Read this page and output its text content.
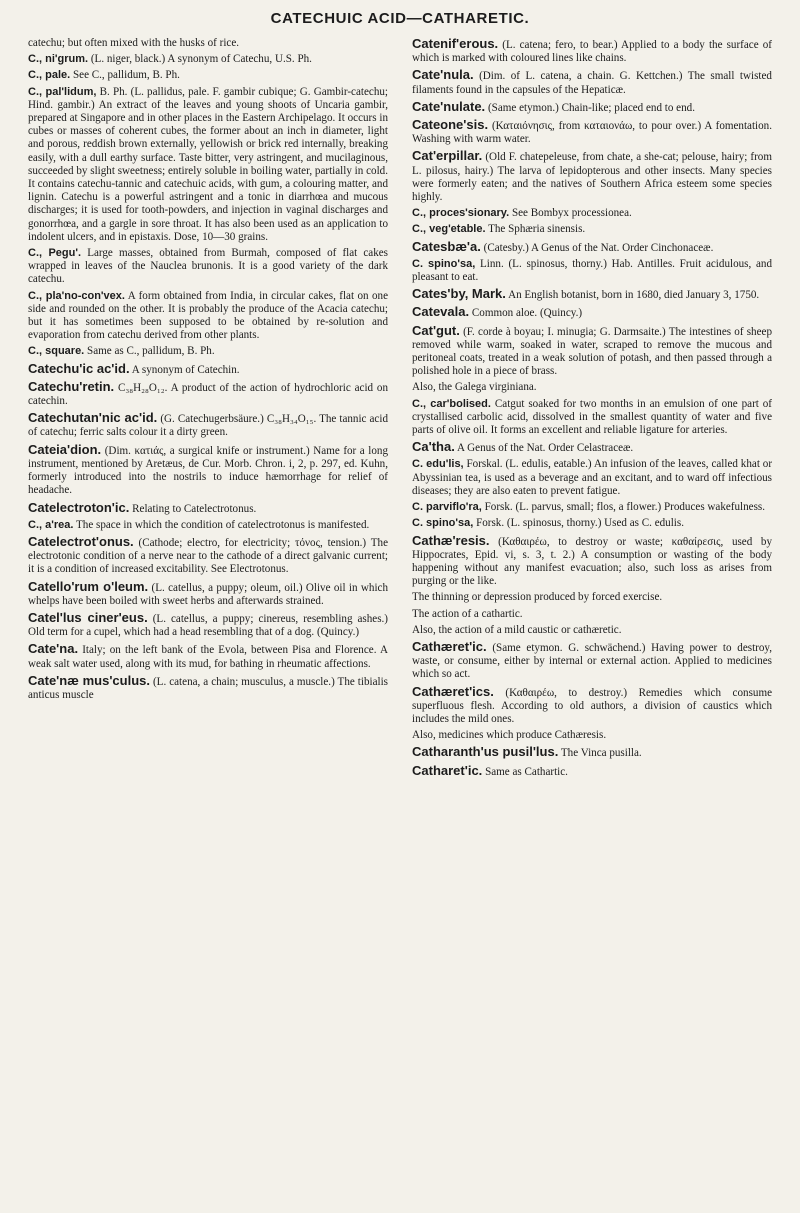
CATECHUIC ACID—CATHARETIC.

catechu; but often mixed with the husks of rice.

C., ni'grum. (L. niger, black.) A synonym of Catechu, U.S. Ph.

C., pale. See C., pallidum, B. Ph.

C., pal'lidum, B. Ph. (L. pallidus, pale. F. gambir cubique; G. Gambir-catechu; Hind. gambir.) An extract of the leaves and young shoots of Uncaria gambir, prepared at Singapore and in other places in the Eastern Archipelago. It occurs in cubes or masses of coherent cubes, the former about an inch in diameter, light and porous, reddish brown externally, yellowish or brick red internally, breaking easily, with a dull earthy surface. Taste bitter, very astringent, and mucilaginous, succeeded by slight sweetness; entirely soluble in boiling water, partially in cold. It contains catechu-tannic and catechuic acids, with gum, a colouring matter, and lignin. Catechu is a powerful astringent and a tonic in diarrhœa and mucous discharges; it is used for tooth-powders, and injection in vaginal discharges and gonorrhœa, and a gargle in sore throat. It has also been used as an application to indolent ulcers, and in epistaxis. Dose, 10—30 grains.

C., Pegu'. Large masses, obtained from Burmah, composed of flat cakes wrapped in leaves of the Nauclea brunonis. It is a good variety of the dark catechu.

C., pla'no-con'vex. A form obtained from India, in circular cakes, flat on one side and rounded on the other. It is probably the produce of the Acacia catechu; but it has sometimes been supposed to be obtained by re-solution and evaporation from catechu derived from other plants.

C., square. Same as C., pallidum, B. Ph.

Catechu'ic ac'id. A synonym of Catechin.

Catechu'retin. C₃₈H₂₈O₁₂. A product of the action of hydrochloric acid on catechin.

Catechutan'nic ac'id. (G. Catechugerbsäure.) C₃₈H₃₄O₁₅. The tannic acid of catechu; ferric salts colour it a dirty green.

Cateia'dion. (Dim. κατιάς, a surgical knife or instrument.) Name for a long instrument, mentioned by Aretæus, de Cur. Morb. Chron. i, 2, p. 297, ed. Kuhn, formerly introduced into the nostrils to induce hæmorrhage for relief of headache.

Catelectroton'ic. Relating to Catelectrotonus.

C., a'rea. The space in which the condition of catelectrotonus is manifested.

Catelectrot'onus. (Cathode; electro, for electricity; τόνος, tension.) The electrotonic condition of a nerve near to the cathode of a direct galvanic current; it is a condition of increased excitability. See Electrotonus.

Catello'rum o'leum. (L. catellus, a puppy; oleum, oil.) Olive oil in which whelps have been boiled with sweet herbs and afterwards strained.

Catel'lus ciner'eus. (L. catellus, a puppy; cinereus, resembling ashes.) Old term for a cupel, which had a head resembling that of a dog. (Quincy.)

Cate'na. Italy; on the left bank of the Evola, between Pisa and Florence. A weak salt water used, along with its mud, for bathing in rheumatic affections.

Cate'næ mus'culus. (L. catena, a chain; musculus, a muscle.) The tibialis anticus muscle

Catenif'erous. (L. catena; fero, to bear.) Applied to a body the surface of which is marked with coloured lines like chains.

Cate'nula. (Dim. of L. catena, a chain. G. Kettchen.) The small twisted filaments found in the capsules of the Hepaticæ.

Cate'nulate. (Same etymon.) Chain-like; placed end to end.

Cateone'sis. (Καταιόνησις, from καταιονάω, to pour over.) A fomentation. Washing with warm water.

Cat'erpillar. (Old F. chatepeleuse, from chate, a she-cat; pelouse, hairy; from L. pilosus, hairy.) The larva of lepidopterous and other insects. Many species were formerly eaten; and the natives of Southern Africa esteem some species highly.

C., proces'sionary. See Bombyx processionea.

C., veg'etable. The Sphæria sinensis.

Catesbæ'a. (Catesby.) A Genus of the Nat. Order Cinchonaceæ.

C. spino'sa, Linn. (L. spinosus, thorny.) Hab. Antilles. Fruit acidulous, and pleasant to eat.

Cates'by, Mark. An English botanist, born in 1680, died January 3, 1750.

Catevala. Common aloe. (Quincy.)

Cat'gut. (F. corde à boyau; I. minugia; G. Darmsaite.) The intestines of sheep removed while warm, soaked in water, scraped to remove the mucous and peritoneal coats, treated in a weak solution of potash, and then passed through a polished hole in a piece of brass.

Also, the Galega virginiana.

C., car'bolised. Catgut soaked for two months in an emulsion of one part of crystallised carbolic acid, dissolved in the smallest quantity of water and five parts of olive oil. It forms an excellent and reliable ligature for arteries.

Ca'tha. A Genus of the Nat. Order Celastraceæ.

C. edu'lis, Forskal. (L. edulis, eatable.) An infusion of the leaves, called khat or Abyssinian tea, is used as a beverage and an excitant, and to ward off infectious diseases; they are also eaten to prevent fatigue.

C. parviflo'ra, Forsk. (L. parvus, small; flos, a flower.) Produces wakefulness.

C. spino'sa, Forsk. (L. spinosus, thorny.) Used as C. edulis.

Cathæ'resis. (Καθαιρέω, to destroy or waste; καθαίρεσις, used by Hippocrates, Epid. vi, s. 3, t. 2.) A consumption or wasting of the body happening without any manifest evacuation; also, such loss as arises from purging or the like.

The thinning or depression produced by forced exercise.

The action of a cathartic.

Also, the action of a mild caustic or cathæretic.

Cathæret'ic. (Same etymon. G. schwächend.) Having power to destroy, waste, or consume, either by internal or external action. Applied to medicines which so act.

Cathæret'ics. (Καθαιρέω, to destroy.) Remedies which consume superfluous flesh. According to old authors, a division of caustics which includes the mild ones.

Also, medicines which produce Cathæresis.

Catharanth'us pusil'lus. The Vinca pusilla.

Catharet'ic. Same as Cathartic.
